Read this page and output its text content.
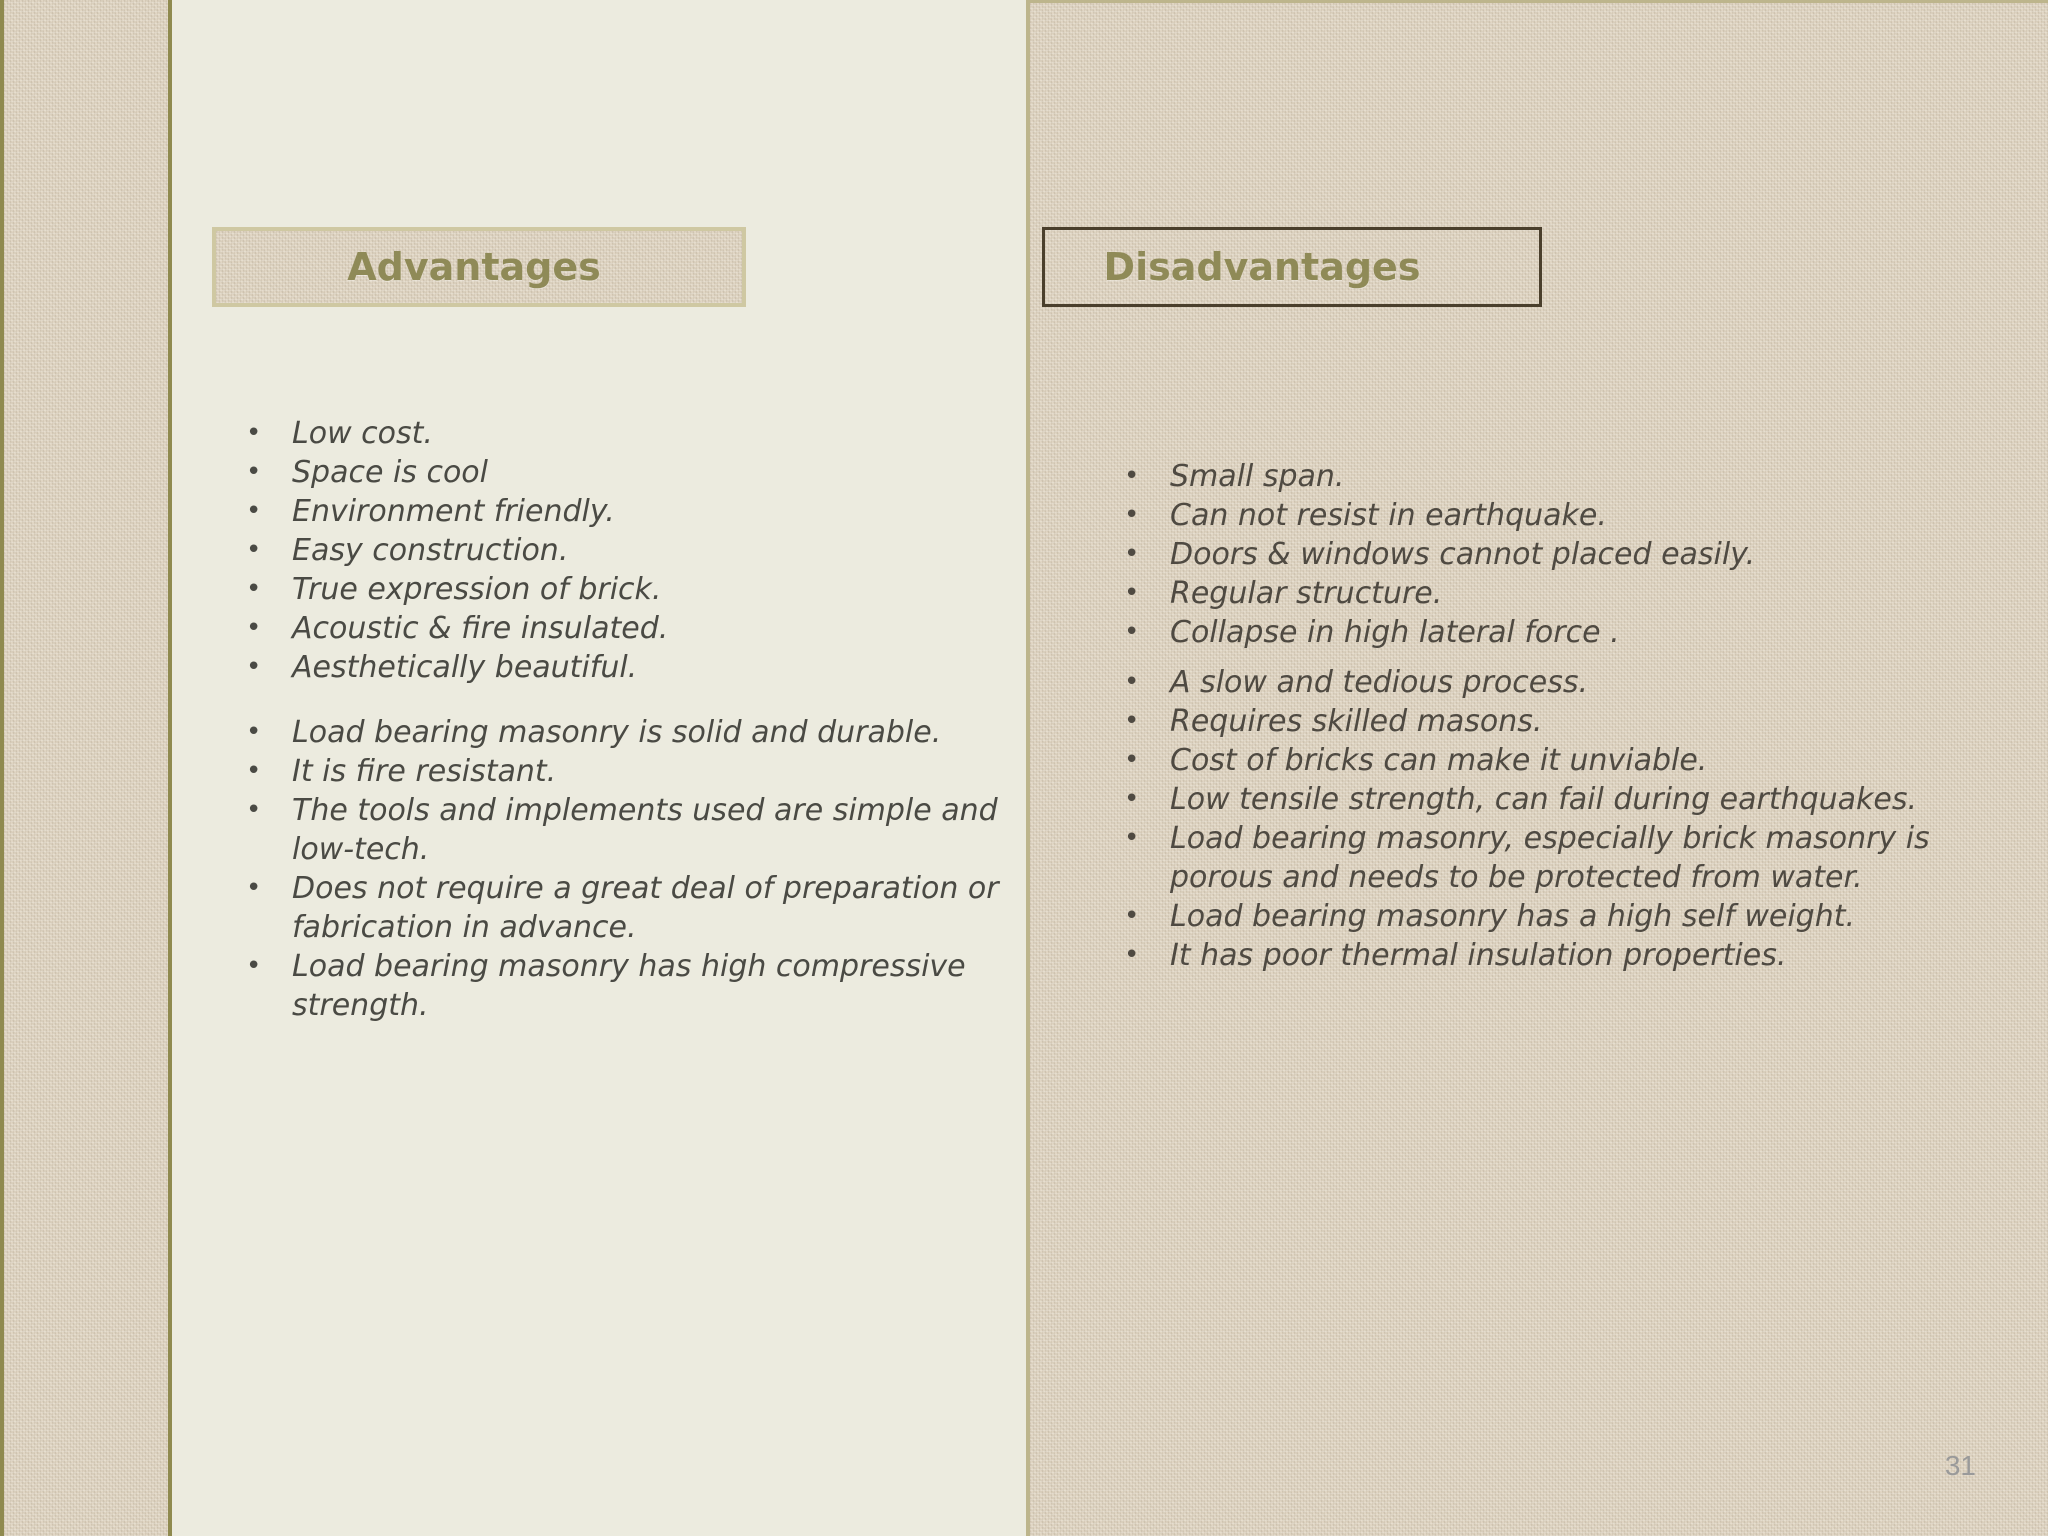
Advantages	Disadvantages
• Low cost.
• Space is cool
• Environment friendly.
• Easy construction.
• True expression of brick.
• Acoustic & fire insulated.
• Aesthetically beautiful.
• Load bearing masonry is solid and durable.
• It is fire resistant.
• The tools and implements used are simple and low-tech.
• Does not require a great deal of preparation or fabrication in advance.
• Load bearing masonry has high compressive strength.
• Small span.
• Can not resist in earthquake.
• Doors & windows cannot placed easily.
• Regular structure.
• Collapse in high lateral force .
• A slow and tedious process.
• Requires skilled masons.
• Cost of bricks can make it unviable.
• Low tensile strength, can fail during earthquakes.
• Load bearing masonry, especially brick masonry is porous and needs to be protected from water.
• Load bearing masonry has a high self weight.
• It has poor thermal insulation properties.
31
